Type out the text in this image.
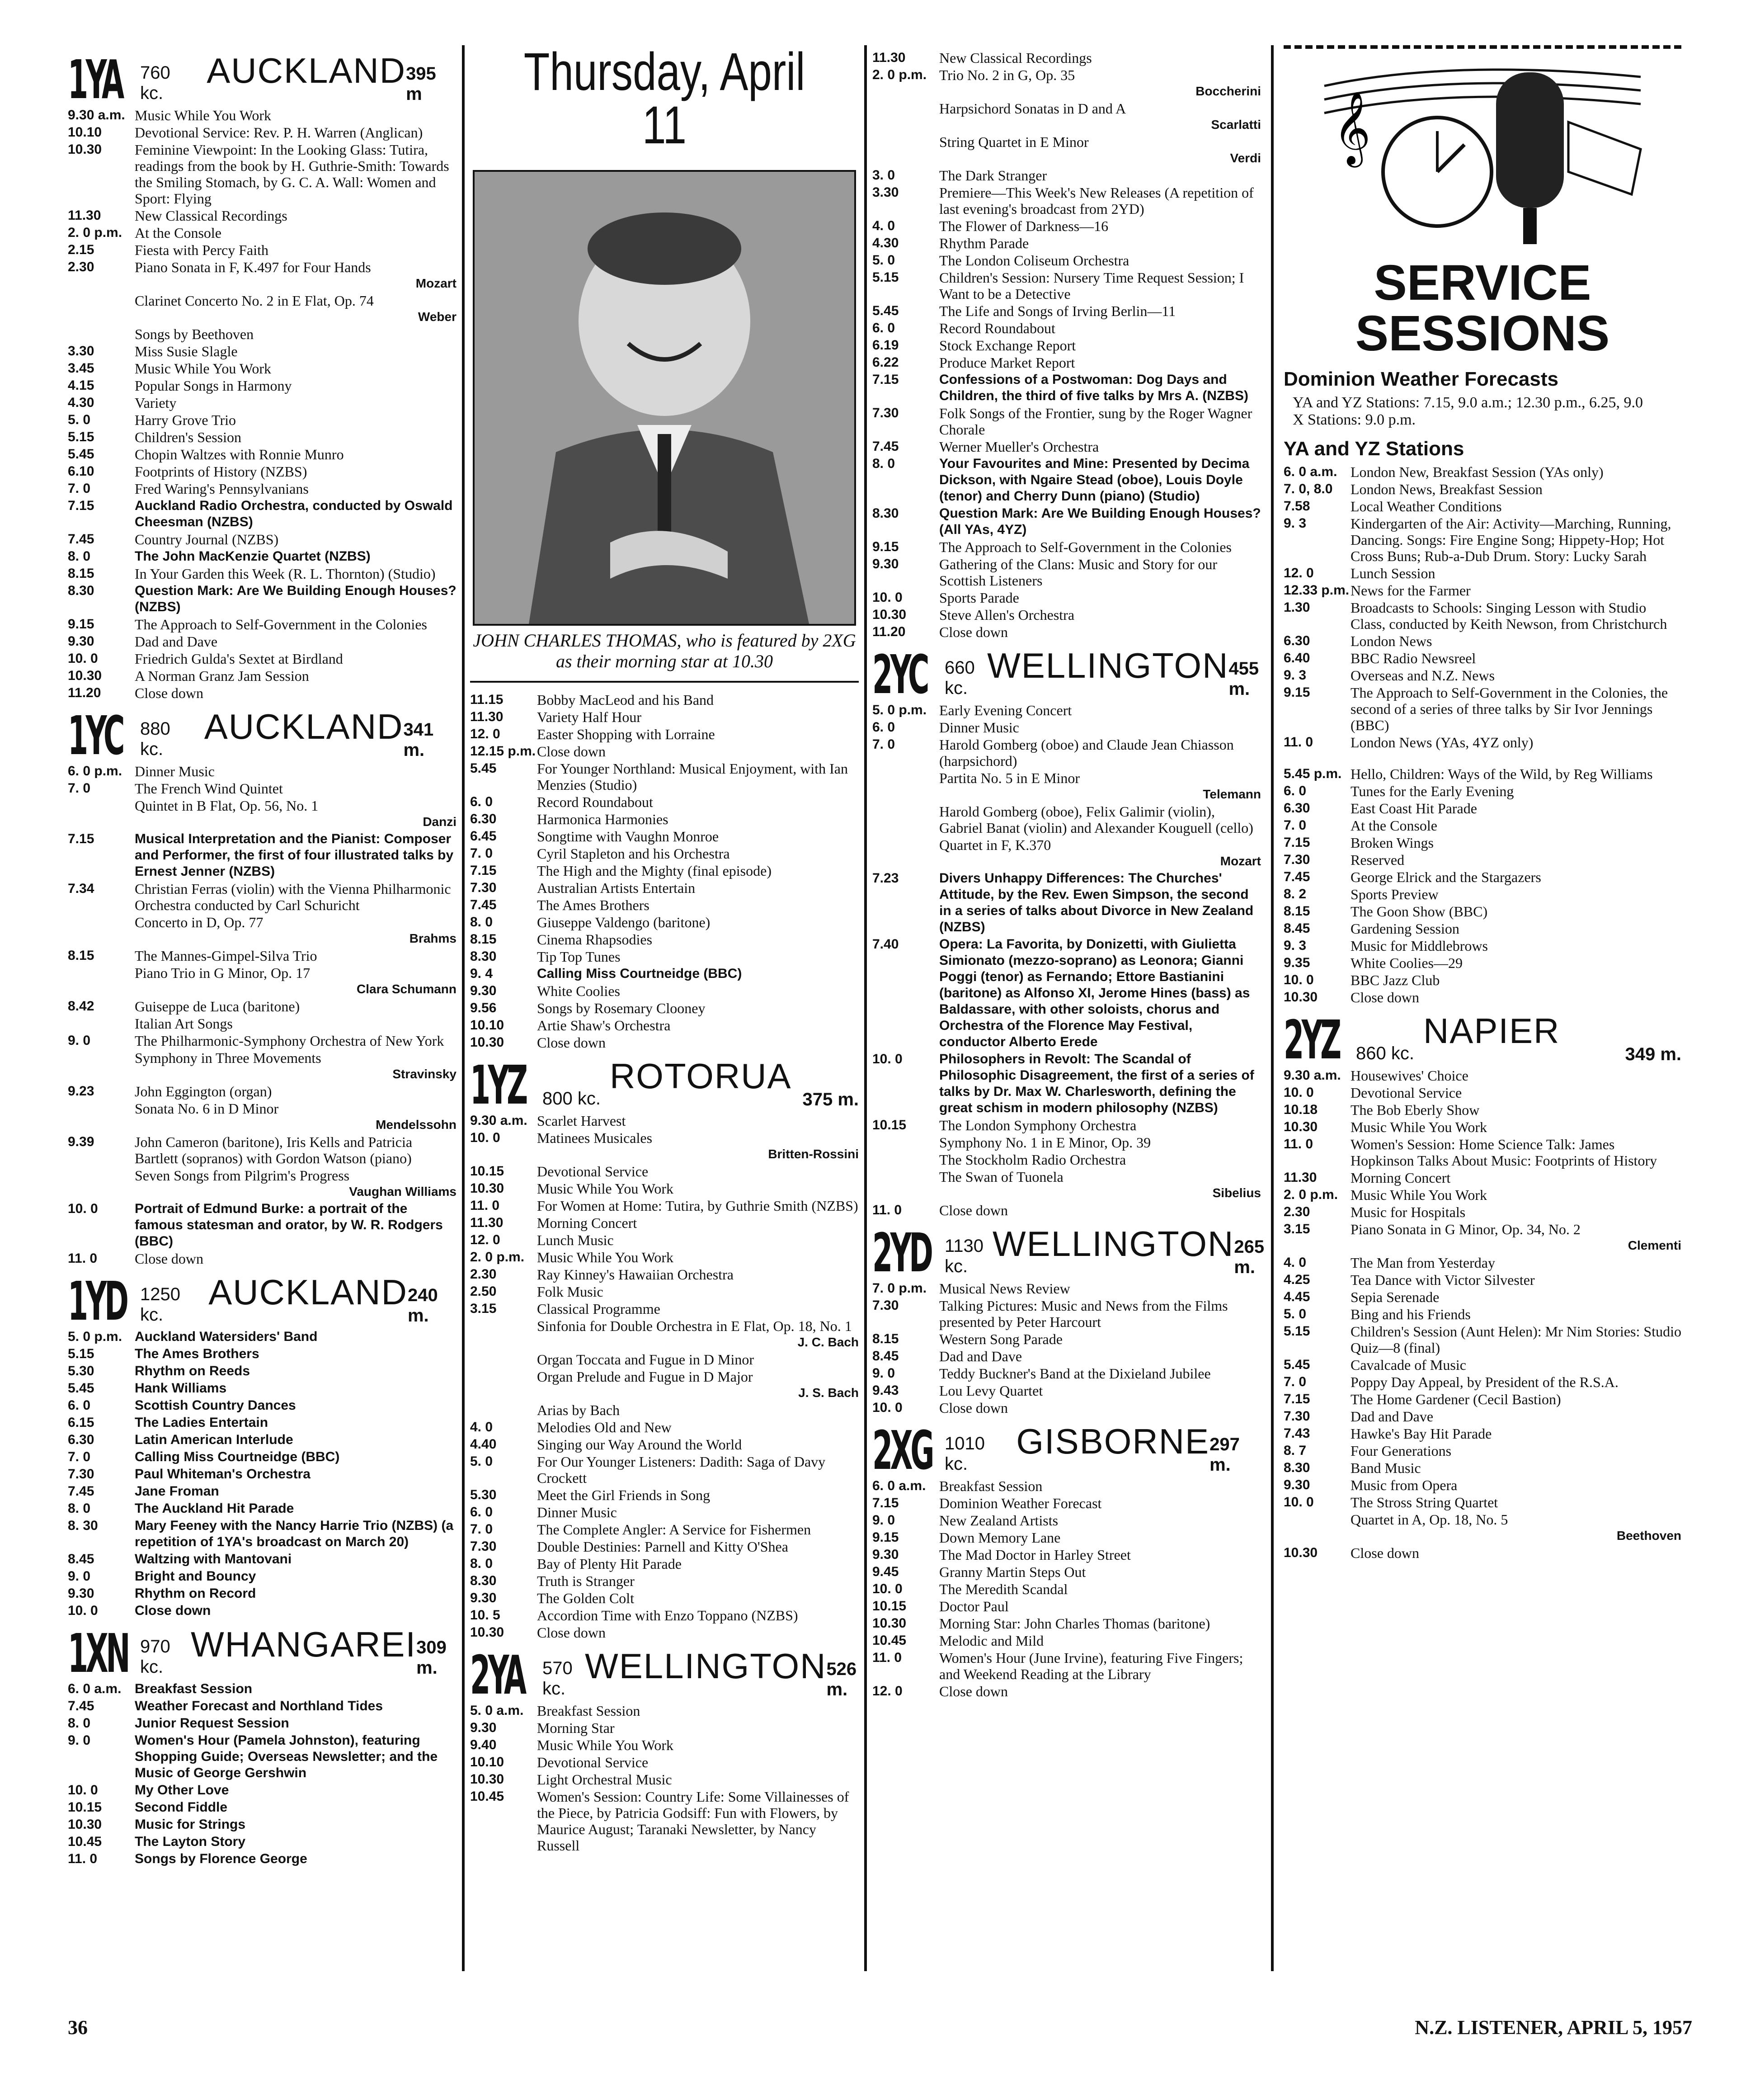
1YA 760 kc.
AUCKLAND 395 m
9.30 a.m. Music While You Work
10.10	Devotional Service: Rev. P. H. Warren (Anglican)
10.30	Feminine Viewpoint: In the Looking Glass: Tutira, readings from the book by H. Guthrie-Smith: Towards the Smiling Stomach, by G. C. A. Wall: Women and Sport: Flying
11.30	New Classical Recordings
2. 0 p.m. At the Console
2.15	Fiesta with Percy Faith
2.30	Piano Sonata in F, K.497 for Four Hands
Mozart
Clarinet Concerto No. 2 in E Flat, Op. 74
Weber
Songs by Beethoven
3.30	Miss Susie Slagle
3.45	Music While You Work
4.15	Popular Songs in Harmony
4.30	Variety
5. 0	Harry Grove Trio
5.15	Children's Session
5.45	Chopin Waltzes with Ronnie Munro
6.10	Footprints of History (NZBS)
7. 0	Fred Waring's Pennsylvanians
7.15	Auckland Radio Orchestra, conducted by Oswald Cheesman (NZBS)
7.45	Country Journal (NZBS)
8. 0	The John MacKenzie Quartet (NZBS)
8.15	In Your Garden this Week (R. L. Thornton) (Studio)
8.30	Question Mark: Are We Building Enough Houses? (NZBS)
9.15	The Approach to Self-Government in the Colonies
9.30	Dad and Dave
10. 0	Friedrich Gulda's Sextet at Birdland
10.30	A Norman Granz Jam Session
11.20	Close down
1YC 880 kc.
AUCKLAND 341 m.
6. 0 p.m. Dinner Music
7. 0	The French Wind Quintet
Quintet in B Flat, Op. 56, No. 1
Danzi
7.15	Musical Interpretation and the Pianist: Composer and Performer, the first of four illustrated talks by Ernest Jenner (NZBS)
7.34	Christian Ferras (violin) with the Vienna Philharmonic Orchestra conducted by Carl Schuricht
Concerto in D, Op. 77
Brahms
8.15	The Mannes-Gimpel-Silva Trio
Piano Trio in G Minor, Op. 17
Clara Schumann
8.42	Guiseppe de Luca (baritone)
Italian Art Songs
9. 0	The Philharmonic-Symphony Orchestra of New York
Symphony in Three Movements
Stravinsky
9.23	John Eggington (organ)
Sonata No. 6 in D Minor
Mendelssohn
9.39	John Cameron (baritone), Iris Kells and Patricia Bartlett (sopranos) with Gordon Watson (piano)
Seven Songs from Pilgrim's Progress
Vaughan Williams
10. 0	Portrait of Edmund Burke: a portrait of the famous statesman and orator, by W. R. Rodgers (BBC)
11. 0	Close down
1YD 1250 kc.
AUCKLAND 240 m.
5. 0 p.m. Auckland Watersiders' Band
5.15	The Ames Brothers
5.30	Rhythm on Reeds
5.45	Hank Williams
6. 0	Scottish Country Dances
6.15	The Ladies Entertain
6.30	Latin American Interlude
7. 0	Calling Miss Courtneidge (BBC)
7.30	Paul Whiteman's Orchestra
7.45	Jane Froman
8. 0	The Auckland Hit Parade
8. 30	Mary Feeney with the Nancy Harrie Trio (NZBS) (a repetition of 1YA's broadcast on March 20)
8.45	Waltzing with Mantovani
9. 0	Bright and Bouncy
9.30	Rhythm on Record
10. 0	Close down
1XN 970 kc.
WHANGAREI 309 m.
6. 0 a.m. Breakfast Session
7.45	Weather Forecast and Northland Tides
8. 0	Junior Request Session
9. 0	Women's Hour (Pamela Johnston), featuring Shopping Guide; Overseas Newsletter; and the Music of George Gershwin
10. 0	My Other Love
10.15	Second Fiddle
10.30	Music for Strings
10.45	The Layton Story
11. 0	Songs by Florence George
Thursday, April 11
JOHN CHARLES THOMAS, who is featured by 2XG as their morning star at 10.30
11.15	Bobby MacLeod and his Band
11.30	Variety Half Hour
12. 0	Easter Shopping with Lorraine
12.15 p.m. Close down
5.45	For Younger Northland: Musical Enjoyment, with Ian Menzies (Studio)
6. 0	Record Roundabout
6.30	Harmonica Harmonies
6.45	Songtime with Vaughn Monroe
7. 0	Cyril Stapleton and his Orchestra
7.15	The High and the Mighty (final episode)
7.30	Australian Artists Entertain
7.45	The Ames Brothers
8. 0	Giuseppe Valdengo (baritone)
8.15	Cinema Rhapsodies
8.30	Tip Top Tunes
9. 4	Calling Miss Courtneidge (BBC)
9.30	White Coolies
9.56	Songs by Rosemary Clooney
10.10	Artie Shaw's Orchestra
10.30	Close down
1YZ 800 kc.
ROTORUA
375 m.
9.30 a.m. Scarlet Harvest
10. 0	Matinees Musicales
Britten-Rossini
10.15	Devotional Service
10.30	Music While You Work
11. 0	For Women at Home: Tutira, by Guthrie Smith (NZBS)
11.30	Morning Concert
12. 0	Lunch Music
2. 0 p.m. Music While You Work
2.30	Ray Kinney's Hawaiian Orchestra
2.50	Folk Music
3.15	Classical Programme
Sinfonia for Double Orchestra in E Flat, Op. 18, No. 1
J. C. Bach
Organ Toccata and Fugue in D Minor
Organ Prelude and Fugue in D Major
J. S. Bach
Arias by Bach
4. 0	Melodies Old and New
4.40	Singing our Way Around the World
5. 0	For Our Younger Listeners: Dadith: Saga of Davy Crockett
5.30	Meet the Girl Friends in Song
6. 0	Dinner Music
7. 0	The Complete Angler: A Service for Fishermen
7.30	Double Destinies: Parnell and Kitty O'Shea
8. 0	Bay of Plenty Hit Parade
8.30	Truth is Stranger
9.30	The Golden Colt
10. 5	Accordion Time with Enzo Toppano (NZBS)
10.30	Close down
2YA 570 kc.
WELLINGTON 526 m.
5. 0 a.m. Breakfast Session
9.30	Morning Star
9.40	Music While You Work
10.10	Devotional Service
10.30	Light Orchestral Music
10.45	Women's Session: Country Life: Some Villainesses of the Piece, by Patricia Godsiff: Fun with Flowers, by Maurice August; Taranaki Newsletter, by Nancy Russell
11.30	New Classical Recordings
2. 0 p.m. Trio No. 2 in G, Op. 35
Boccherini
Harpsichord Sonatas in D and A
Scarlatti
String Quartet in E Minor
Verdi
3. 0	The Dark Stranger
3.30	Premiere—This Week's New Releases (A repetition of last evening's broadcast from 2YD)
4. 0	The Flower of Darkness—16
4.30	Rhythm Parade
5. 0	The London Coliseum Orchestra
5.15	Children's Session: Nursery Time Request Session; I Want to be a Detective
5.45	The Life and Songs of Irving Berlin—11
6. 0	Record Roundabout
6.19	Stock Exchange Report
6.22	Produce Market Report
7.15	Confessions of a Postwoman: Dog Days and Children, the third of five talks by Mrs A. (NZBS)
7.30	Folk Songs of the Frontier, sung by the Roger Wagner Chorale
7.45	Werner Mueller's Orchestra
8. 0	Your Favourites and Mine: Presented by Decima Dickson, with Ngaire Stead (oboe), Louis Doyle (tenor) and Cherry Dunn (piano) (Studio)
8.30	Question Mark: Are We Building Enough Houses? (All YAs, 4YZ)
9.15	The Approach to Self-Government in the Colonies
9.30	Gathering of the Clans: Music and Story for our Scottish Listeners
10. 0	Sports Parade
10.30	Steve Allen's Orchestra
11.20	Close down
2YC 660 kc.
WELLINGTON 455 m.
5. 0 p.m. Early Evening Concert
6. 0	Dinner Music
7. 0	Harold Gomberg (oboe) and Claude Jean Chiasson (harpsichord)
Partita No. 5 in E Minor
Telemann
Harold Gomberg (oboe), Felix Galimir (violin), Gabriel Banat (violin) and Alexander Kouguell (cello)
Quartet in F, K.370
Mozart
7.23	Divers Unhappy Differences: The Churches' Attitude, by the Rev. Ewen Simpson, the second in a series of talks about Divorce in New Zealand (NZBS)
7.40	Opera: La Favorita, by Donizetti, with Giulietta Simionato (mezzo-soprano) as Leonora; Gianni Poggi (tenor) as Fernando; Ettore Bastianini (baritone) as Alfonso XI, Jerome Hines (bass) as Baldassare, with other soloists, chorus and Orchestra of the Florence May Festival, conductor Alberto Erede
10. 0	Philosophers in Revolt: The Scandal of Philosophic Disagreement, the first of a series of talks by Dr. Max W. Charlesworth, defining the great schism in modern philosophy (NZBS)
10.15	The London Symphony Orchestra
Symphony No. 1 in E Minor, Op. 39
The Stockholm Radio Orchestra
The Swan of Tuonela
Sibelius
11. 0	Close down
2YD 1130 kc.
WELLINGTON 265 m.
7. 0 p.m. Musical News Review
7.30	Talking Pictures: Music and News from the Films presented by Peter Harcourt
8.15	Western Song Parade
8.45	Dad and Dave
9. 0	Teddy Buckner's Band at the Dixieland Jubilee
9.43	Lou Levy Quartet
10. 0	Close down
2XG 1010 kc.
GISBORNE 297 m.
6. 0 a.m. Breakfast Session
7.15	Dominion Weather Forecast
9. 0	New Zealand Artists
9.15	Down Memory Lane
9.30	The Mad Doctor in Harley Street
9.45	Granny Martin Steps Out
10. 0	The Meredith Scandal
10.15	Doctor Paul
10.30	Morning Star: John Charles Thomas (baritone)
10.45	Melodic and Mild
11. 0	Women's Hour (June Irvine), featuring Five Fingers; and Weekend Reading at the Library
12. 0	Close down
𝄞
SERVICE
SESSIONS
Dominion Weather Forecasts
YA and YZ Stations: 7.15, 9.0 a.m.; 12.30 p.m., 6.25, 9.0
X Stations: 9.0 p.m.
YA and YZ Stations
6. 0 a.m. London New, Breakfast Session (YAs only)
7. 0, 8.0	London News, Breakfast Session
7.58	Local Weather Conditions
9. 3	Kindergarten of the Air: Activity—Marching, Running, Dancing. Songs: Fire Engine Song; Hippety-Hop; Hot Cross Buns; Rub-a-Dub Drum. Story: Lucky Sarah
12. 0	Lunch Session
12.33 p.m. News for the Farmer
1.30	Broadcasts to Schools: Singing Lesson with Studio Class, conducted by Keith Newson, from Christchurch
6.30	London News
6.40	BBC Radio Newsreel
9. 3	Overseas and N.Z. News
9.15	The Approach to Self-Government in the Colonies, the second of a series of three talks by Sir Ivor Jennings (BBC)
11. 0	London News (YAs, 4YZ only)
5.45 p.m. Hello, Children: Ways of the Wild, by Reg Williams
6. 0	Tunes for the Early Evening
6.30	East Coast Hit Parade
7. 0	At the Console
7.15	Broken Wings
7.30	Reserved
7.45	George Elrick and the Stargazers
8. 2	Sports Preview
8.15	The Goon Show (BBC)
8.45	Gardening Session
9. 3	Music for Middlebrows
9.35	White Coolies—29
10. 0	BBC Jazz Club
10.30	Close down
2YZ 860 kc.
NAPIER
349 m.
9.30 a.m. Housewives' Choice
10. 0	Devotional Service
10.18	The Bob Eberly Show
10.30	Music While You Work
11. 0	Women's Session: Home Science Talk: James Hopkinson Talks About Music: Footprints of History
11.30	Morning Concert
2. 0 p.m. Music While You Work
2.30	Music for Hospitals
3.15	Piano Sonata in G Minor, Op. 34, No. 2
Clementi
4. 0	The Man from Yesterday
4.25	Tea Dance with Victor Silvester
4.45	Sepia Serenade
5. 0	Bing and his Friends
5.15	Children's Session (Aunt Helen): Mr Nim Stories: Studio Quiz—8 (final)
5.45	Cavalcade of Music
7. 0	Poppy Day Appeal, by President of the R.S.A.
7.15	The Home Gardener (Cecil Bastion)
7.30	Dad and Dave
7.43	Hawke's Bay Hit Parade
8. 7	Four Generations
8.30	Band Music
9.30	Music from Opera
10. 0	The Stross String Quartet
Quartet in A, Op. 18, No. 5
Beethoven
10.30	Close down
36	N.Z. LISTENER, APRIL 5, 1957
